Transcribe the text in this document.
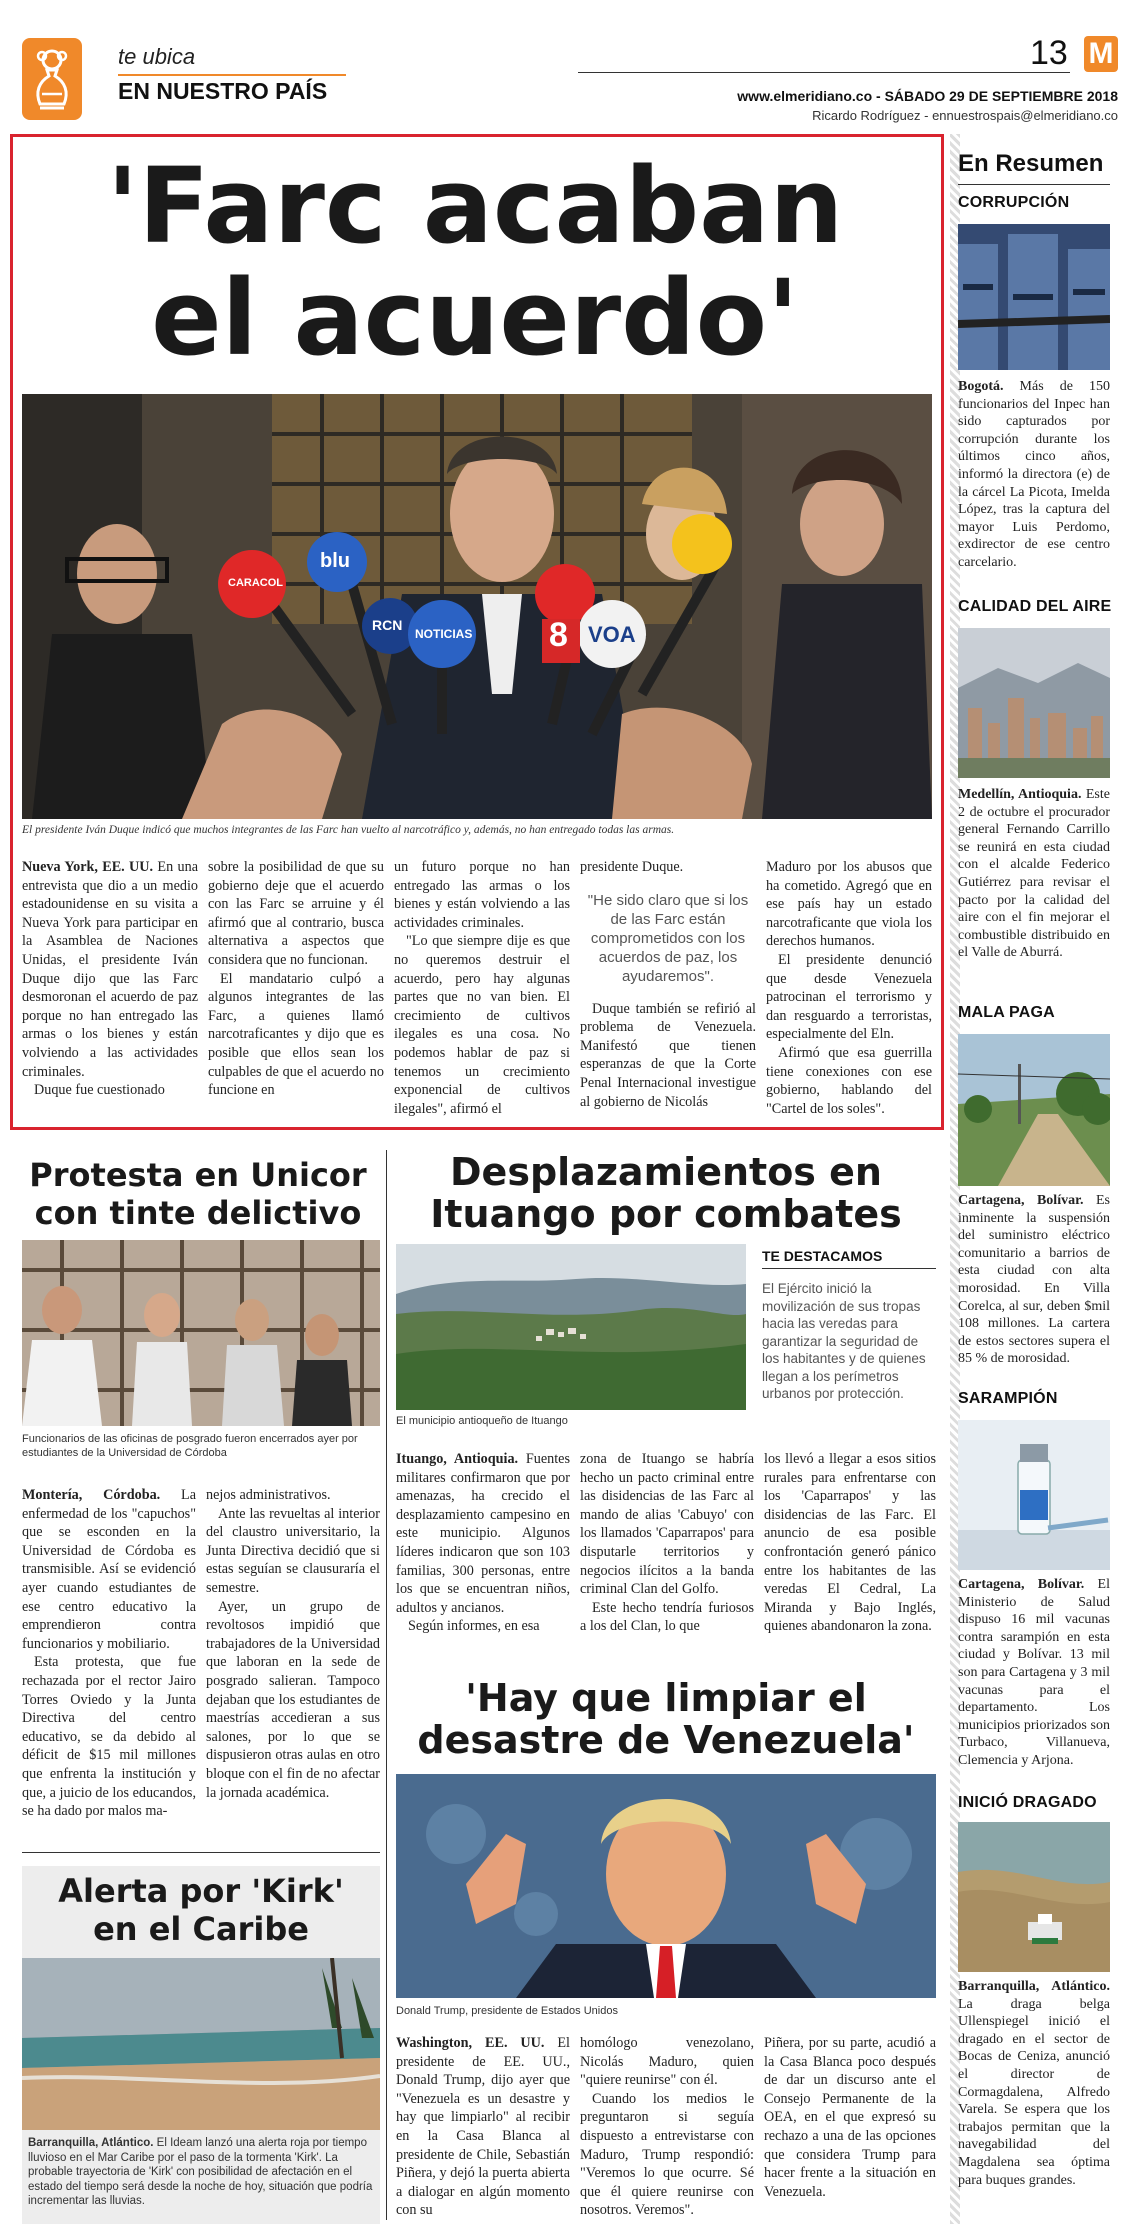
te ubica
EN NUESTRO PAÍS
13 M
www.elmeridiano.co - SÁBADO 29 DE SEPTIEMBRE 2018
Ricardo Rodríguez - ennuestrospais@elmeridiano.co
'Farc acaban
el acuerdo'
CARACOL
blu
RCN
NOTICIAS 8 VOA
El presidente Iván Duque indicó que muchos integrantes de las Farc han vuelto al narcotráfico y, además, no han entregado todas las armas.

Nueva York, EE. UU. En una entrevista que dio a un medio estadounidense en su visita a Nueva York para participar en la Asamblea de Naciones Unidas, el presidente Iván Duque dijo que las Farc desmoronan el acuerdo de paz porque no han entregado las armas o los bienes y están volviendo a las actividades criminales.

Duque fue cuestionado

sobre la posibilidad de que su gobierno deje que el acuerdo con las Farc se arruine y él afirmó que al contrario, busca alternativa a aspectos que considera que no funcionan.

El mandatario culpó a algunos integrantes de las Farc, a quienes llamó narcotraficantes y dijo que es posible que ellos sean los culpables de que el acuerdo no funcione en

un futuro porque no han entregado las armas o los bienes y están volviendo a las actividades criminales.

"Lo que siempre dije es que no queremos destruir el acuerdo, pero hay algunas partes que no van bien. El crecimiento de cultivos ilegales es una cosa. No podemos hablar de paz si tenemos un crecimiento exponencial de cultivos ilegales", afirmó el

presidente Duque.

"He sido claro que si los de las Farc están comprometidos con los acuerdos de paz, los ayudaremos".

Duque también se refirió al problema de Venezuela. Manifestó que tienen esperanzas de que la Corte Penal Internacional investigue al gobierno de Nicolás

Maduro por los abusos que ha cometido. Agregó que en ese país hay un estado narcotraficante que viola los derechos humanos.

El presidente denunció que desde Venezuela patrocinan el terrorismo y dan resguardo a terroristas, especialmente del Eln.

Afirmó que esa guerrilla tiene conexiones con ese gobierno, hablando del "Cartel de los soles".

En Resumen
CORRUPCIÓN
Bogotá. Más de 150 funcionarios del Inpec han sido capturados por corrupción durante los últimos cinco años, informó la directora (e) de la cárcel La Picota, Imelda López, tras la captura del mayor Luis Perdomo, exdirector de ese centro carcelario.
CALIDAD DEL AIRE
Medellín, Antioquia. Este 2 de octubre el procurador general Fernando Carrillo se reunirá en esta ciudad con el alcalde Federico Gutiérrez para revisar el pacto por la calidad del aire con el fin mejorar el combustible distribuido en el Valle de Aburrá.
MALA PAGA
Cartagena, Bolívar. Es inminente la suspensión del suministro eléctrico comunitario a barrios de esta ciudad con alta morosidad. En Villa Corelca, al sur, deben $mil 108 millones. La cartera de estos sectores supera el 85 % de morosidad.
SARAMPIÓN
Cartagena, Bolívar. El Ministerio de Salud dispuso 16 mil vacunas contra sarampión en esta ciudad y Bolívar. 13 mil son para Cartagena y 3 mil vacunas para el departamento. Los municipios priorizados son Turbaco, Villanueva, Clemencia y Arjona.
INICIÓ DRAGADO
Barranquilla, Atlántico. La draga belga Ullenspiegel inició el dragado en el sector de Bocas de Ceniza, anunció el director de Cormagdalena, Alfredo Varela. Se espera que los trabajos permitan que la navegabilidad del Magdalena sea óptima para buques grandes.
Protesta en Unicor
con tinte delictivo
Funcionarios de las oficinas de posgrado fueron encerrados ayer por estudiantes de la Universidad de Córdoba

Montería, Córdoba. La enfermedad de los "capuchos" que se esconden en la Universidad de Córdoba es transmisible. Así se evidenció ayer cuando estudiantes de ese centro educativo la emprendieron contra funcionarios y mobiliario.

Esta protesta, que fue rechazada por el rector Jairo Torres Oviedo y la Junta Directiva del centro educativo, se da debido al déficit de $15 mil millones que enfrenta la institución y que, a juicio de los educandos, se ha dado por malos ma-

nejos administrativos.

Ante las revueltas al interior del claustro universitario, la Junta Directiva decidió que si estas seguían se clausuraría el semestre.

Ayer, un grupo de revoltosos impidió que trabajadores de la Universidad que laboran en la sede de posgrado salieran. Tampoco dejaban que los estudiantes de maestrías accedieran a sus salones, por lo que se dispusieron otras aulas en otro bloque con el fin de no afectar la jornada académica.

Alerta por 'Kirk'
en el Caribe
Barranquilla, Atlántico. El Ideam lanzó una alerta roja por tiempo lluvioso en el Mar Caribe por el paso de la tormenta 'Kirk'. La probable trayectoria de 'Kirk' con posibilidad de afectación en el estado del tiempo será desde la noche de hoy, situación que podría incrementar las lluvias.
Desplazamientos en
Ituango por combates
El municipio antioqueño de Ituango
TE DESTACAMOS
El Ejército inició la movilización de sus tropas hacia las veredas para garantizar la seguridad de los habitantes y de quienes llegan a los perímetros urbanos por protección.

Ituango, Antioquia. Fuentes militares confirmaron que por amenazas, ha crecido el desplazamiento campesino en este municipio. Algunos líderes indicaron que son 103 familias, 300 personas, entre los que se encuentran niños, adultos y ancianos.

Según informes, en esa

zona de Ituango se habría hecho un pacto criminal entre las disidencias de las Farc al mando de alias 'Cabuyo' con los llamados 'Caparrapos' para disputarle territorios y negocios ilícitos a la banda criminal Clan del Golfo.

Este hecho tendría furiosos a los del Clan, lo que

los llevó a llegar a esos sitios rurales para enfrentarse con los 'Caparrapos' y las disidencias de las Farc. El anuncio de esa posible confrontación generó pánico entre los habitantes de las veredas El Cedral, La Miranda y Bajo Inglés, quienes abandonaron la zona.

'Hay que limpiar el
desastre de Venezuela'
Donald Trump, presidente de Estados Unidos

Washington, EE. UU. El presidente de EE. UU., Donald Trump, dijo ayer que "Venezuela es un desastre y hay que limpiarlo" al recibir en la Casa Blanca al presidente de Chile, Sebastián Piñera, y dejó la puerta abierta a dialogar en algún momento con su

homólogo venezolano, Nicolás Maduro, quien "quiere reunirse" con él.

Cuando los medios le preguntaron si seguía dispuesto a entrevistarse con Maduro, Trump respondió: "Veremos lo que ocurre. Sé que él quiere reunirse con nosotros. Veremos".

Piñera, por su parte, acudió a la Casa Blanca poco después de dar un discurso ante el Consejo Permanente de la OEA, en el que expresó su rechazo a una de las opciones que considera Trump para hacer frente a la situación en Venezuela.
